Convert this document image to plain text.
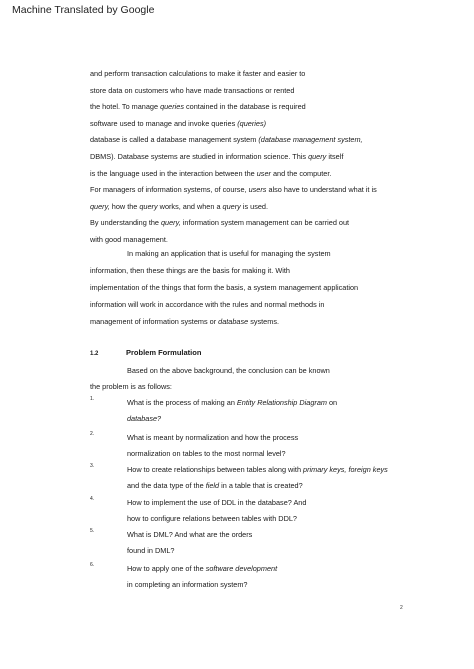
Machine Translated by Google
and perform transaction calculations to make it faster and easier to
store data on customers who have made transactions or rented
the hotel. To manage queries contained in the database is required
software used to manage and invoke queries (queries)
database is called a database management system (database management system,
DBMS). Database systems are studied in information science. This query itself
is the language used in the interaction between the user and the computer.
For managers of information systems, of course, users also have to understand what it is
query, how the query works, and when a query is used.
By understanding the query, information system management can be carried out
with good management.
In making an application that is useful for managing the system
information, then these things are the basis for making it. With
implementation of the things that form the basis, a system management application
information will work in accordance with the rules and normal methods in
management of information systems or database systems.
1.2	Problem Formulation
Based on the above background, the conclusion can be known
the problem is as follows:
1.	What is the process of making an Entity Relationship Diagram on
database?
2.	What is meant by normalization and how the process
normalization on tables to the most normal level?
3.	How to create relationships between tables along with primary keys, foreign keys
and the data type of the field in a table that is created?
4.	How to implement the use of DDL in the database? And
how to configure relations between tables with DDL?
5.	What is DML? And what are the orders
found in DML?
6.	How to apply one of the software development
in completing an information system?
2
